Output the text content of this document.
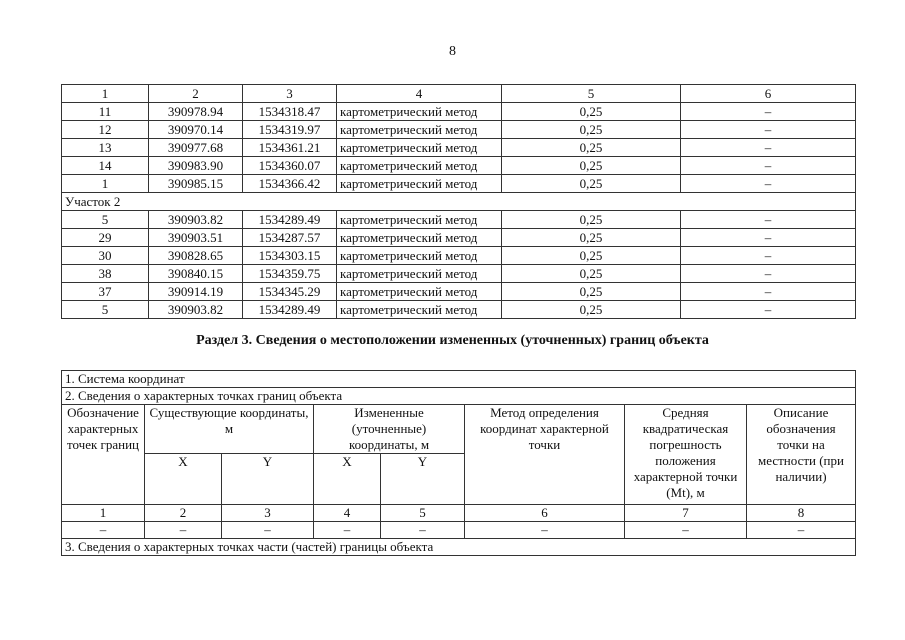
8
1	2	3	4	5	6
11	390978.94	1534318.47	картометрический метод	0,25	–
12	390970.14	1534319.97	картометрический метод	0,25	–
13	390977.68	1534361.21	картометрический метод	0,25	–
14	390983.90	1534360.07	картометрический метод	0,25	–
1	390985.15	1534366.42	картометрический метод	0,25	–
Участок 2					
5	390903.82	1534289.49	картометрический метод	0,25	–
29	390903.51	1534287.57	картометрический метод	0,25	–
30	390828.65	1534303.15	картометрический метод	0,25	–
38	390840.15	1534359.75	картометрический метод	0,25	–
37	390914.19	1534345.29	картометрический метод	0,25	–
5	390903.82	1534289.49	картометрический метод	0,25	–
Раздел 3. Сведения о местоположении измененных (уточненных) границ объекта
1. Система координат							
2. Сведения о характерных точках границ объекта							
Обозначение характерных точек границ	Существующие координаты, м		Измененные (уточненные) координаты, м		Метод определения координат характерной точки	Средняя квадратическая погрешность положения характерной точки (Mt), м	Описание обозначения точки на местности (при наличии)
	X	Y	X	Y			
1	2	3	4	5	6	7	8
–	–	–	–	–	–	–	–
3. Сведения о характерных точках части (частей) границы объекта							
